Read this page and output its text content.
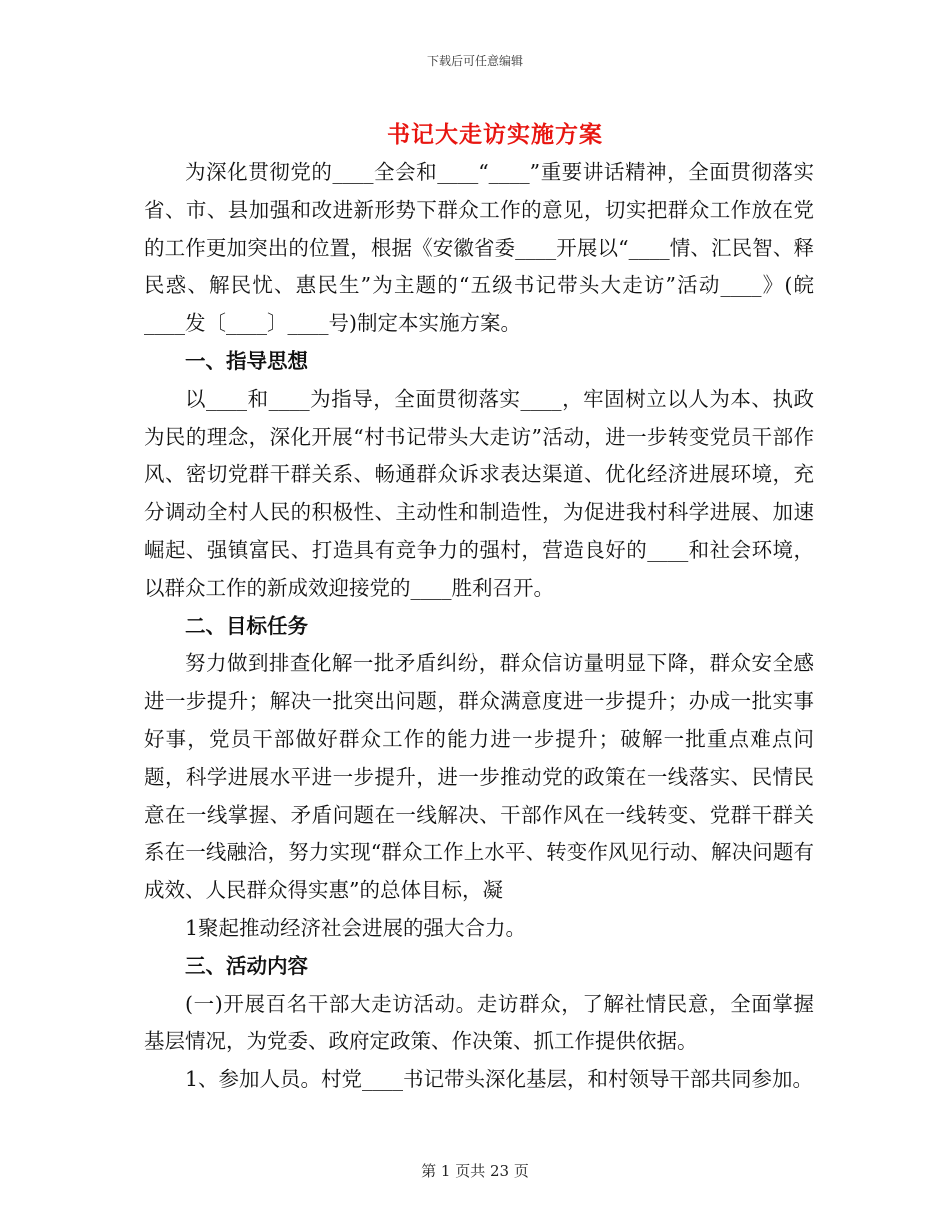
下载后可任意编辑
书记大走访实施方案

为深化贯彻党的____全会和____“____”重要讲话精神，全面贯彻落实省、市、县加强和改进新形势下群众工作的意见，切实把群众工作放在党的工作更加突出的位置，根据《安徽省委____开展以“____情、汇民智、释民惑、解民忧、惠民生”为主题的“五级书记带头大走访”活动____》(皖____发〔____〕____号)制定本实施方案。

一、指导思想

以____和____为指导，全面贯彻落实____，牢固树立以人为本、执政为民的理念，深化开展“村书记带头大走访”活动，进一步转变党员干部作风、密切党群干群关系、畅通群众诉求表达渠道、优化经济进展环境，充分调动全村人民的积极性、主动性和制造性，为促进我村科学进展、加速崛起、强镇富民、打造具有竞争力的强村，营造良好的____和社会环境，以群众工作的新成效迎接党的____胜利召开。

二、目标任务

努力做到排查化解一批矛盾纠纷，群众信访量明显下降，群众安全感进一步提升；解决一批突出问题，群众满意度进一步提升；办成一批实事好事，党员干部做好群众工作的能力进一步提升；破解一批重点难点问题，科学进展水平进一步提升，进一步推动党的政策在一线落实、民情民意在一线掌握、矛盾问题在一线解决、干部作风在一线转变、党群干群关系在一线融洽，努力实现“群众工作上水平、转变作风见行动、解决问题有成效、人民群众得实惠”的总体目标，凝

1聚起推动经济社会进展的强大合力。

三、活动内容

(一)开展百名干部大走访活动。走访群众，了解社情民意，全面掌握基层情况，为党委、政府定政策、作决策、抓工作提供依据。

1、参加人员。村党____书记带头深化基层，和村领导干部共同参加。

第 1 页共 23 页
